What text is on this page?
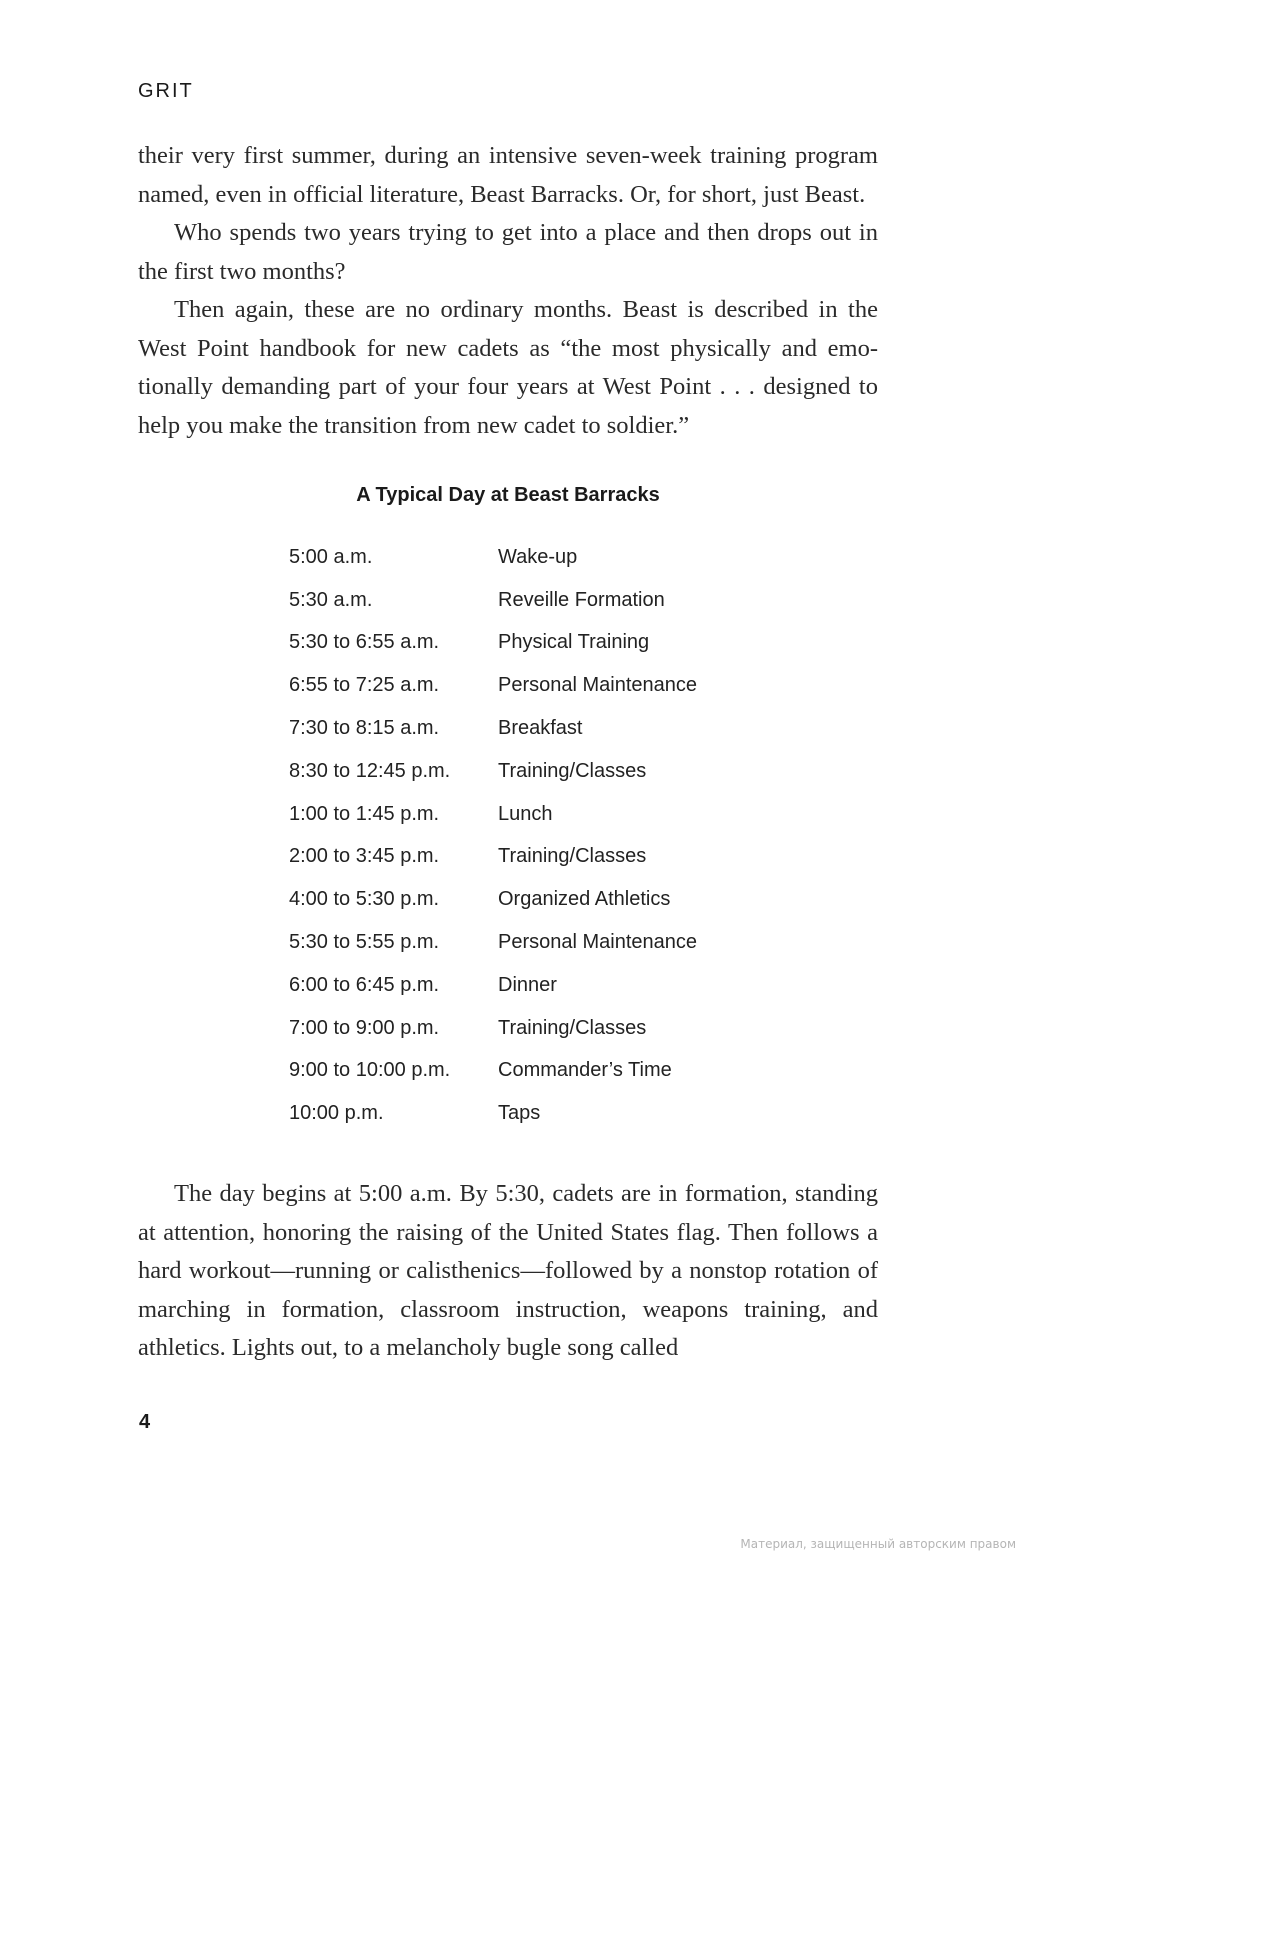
GRIT

their very first summer, during an intensive seven-week training program named, even in official literature, Beast Barracks. Or, for short, just Beast.

Who spends two years trying to get into a place and then drops out in the first two months?

Then again, these are no ordinary months. Beast is described in the West Point handbook for new cadets as “the most physically and emotionally demanding part of your four years at West Point . . . designed to help you make the transition from new cadet to soldier.”

A Typical Day at Beast Barracks
5:00 a.m.	Wake-up
5:30 a.m.	Reveille Formation
5:30 to 6:55 a.m.	Physical Training
6:55 to 7:25 a.m.	Personal Maintenance
7:30 to 8:15 a.m.	Breakfast
8:30 to 12:45 p.m.	Training/Classes
1:00 to 1:45 p.m.	Lunch
2:00 to 3:45 p.m.	Training/Classes
4:00 to 5:30 p.m.	Organized Athletics
5:30 to 5:55 p.m.	Personal Maintenance
6:00 to 6:45 p.m.	Dinner
7:00 to 9:00 p.m.	Training/Classes
9:00 to 10:00 p.m.	Commander’s Time
10:00 p.m.	Taps

The day begins at 5:00 a.m. By 5:30, cadets are in formation, standing at attention, honoring the raising of the United States flag. Then follows a hard workout—running or calisthenics—followed by a nonstop rotation of marching in formation, classroom instruction, weapons training, and athletics. Lights out, to a melancholy bugle song called

4
Материал, защищенный авторским правом
